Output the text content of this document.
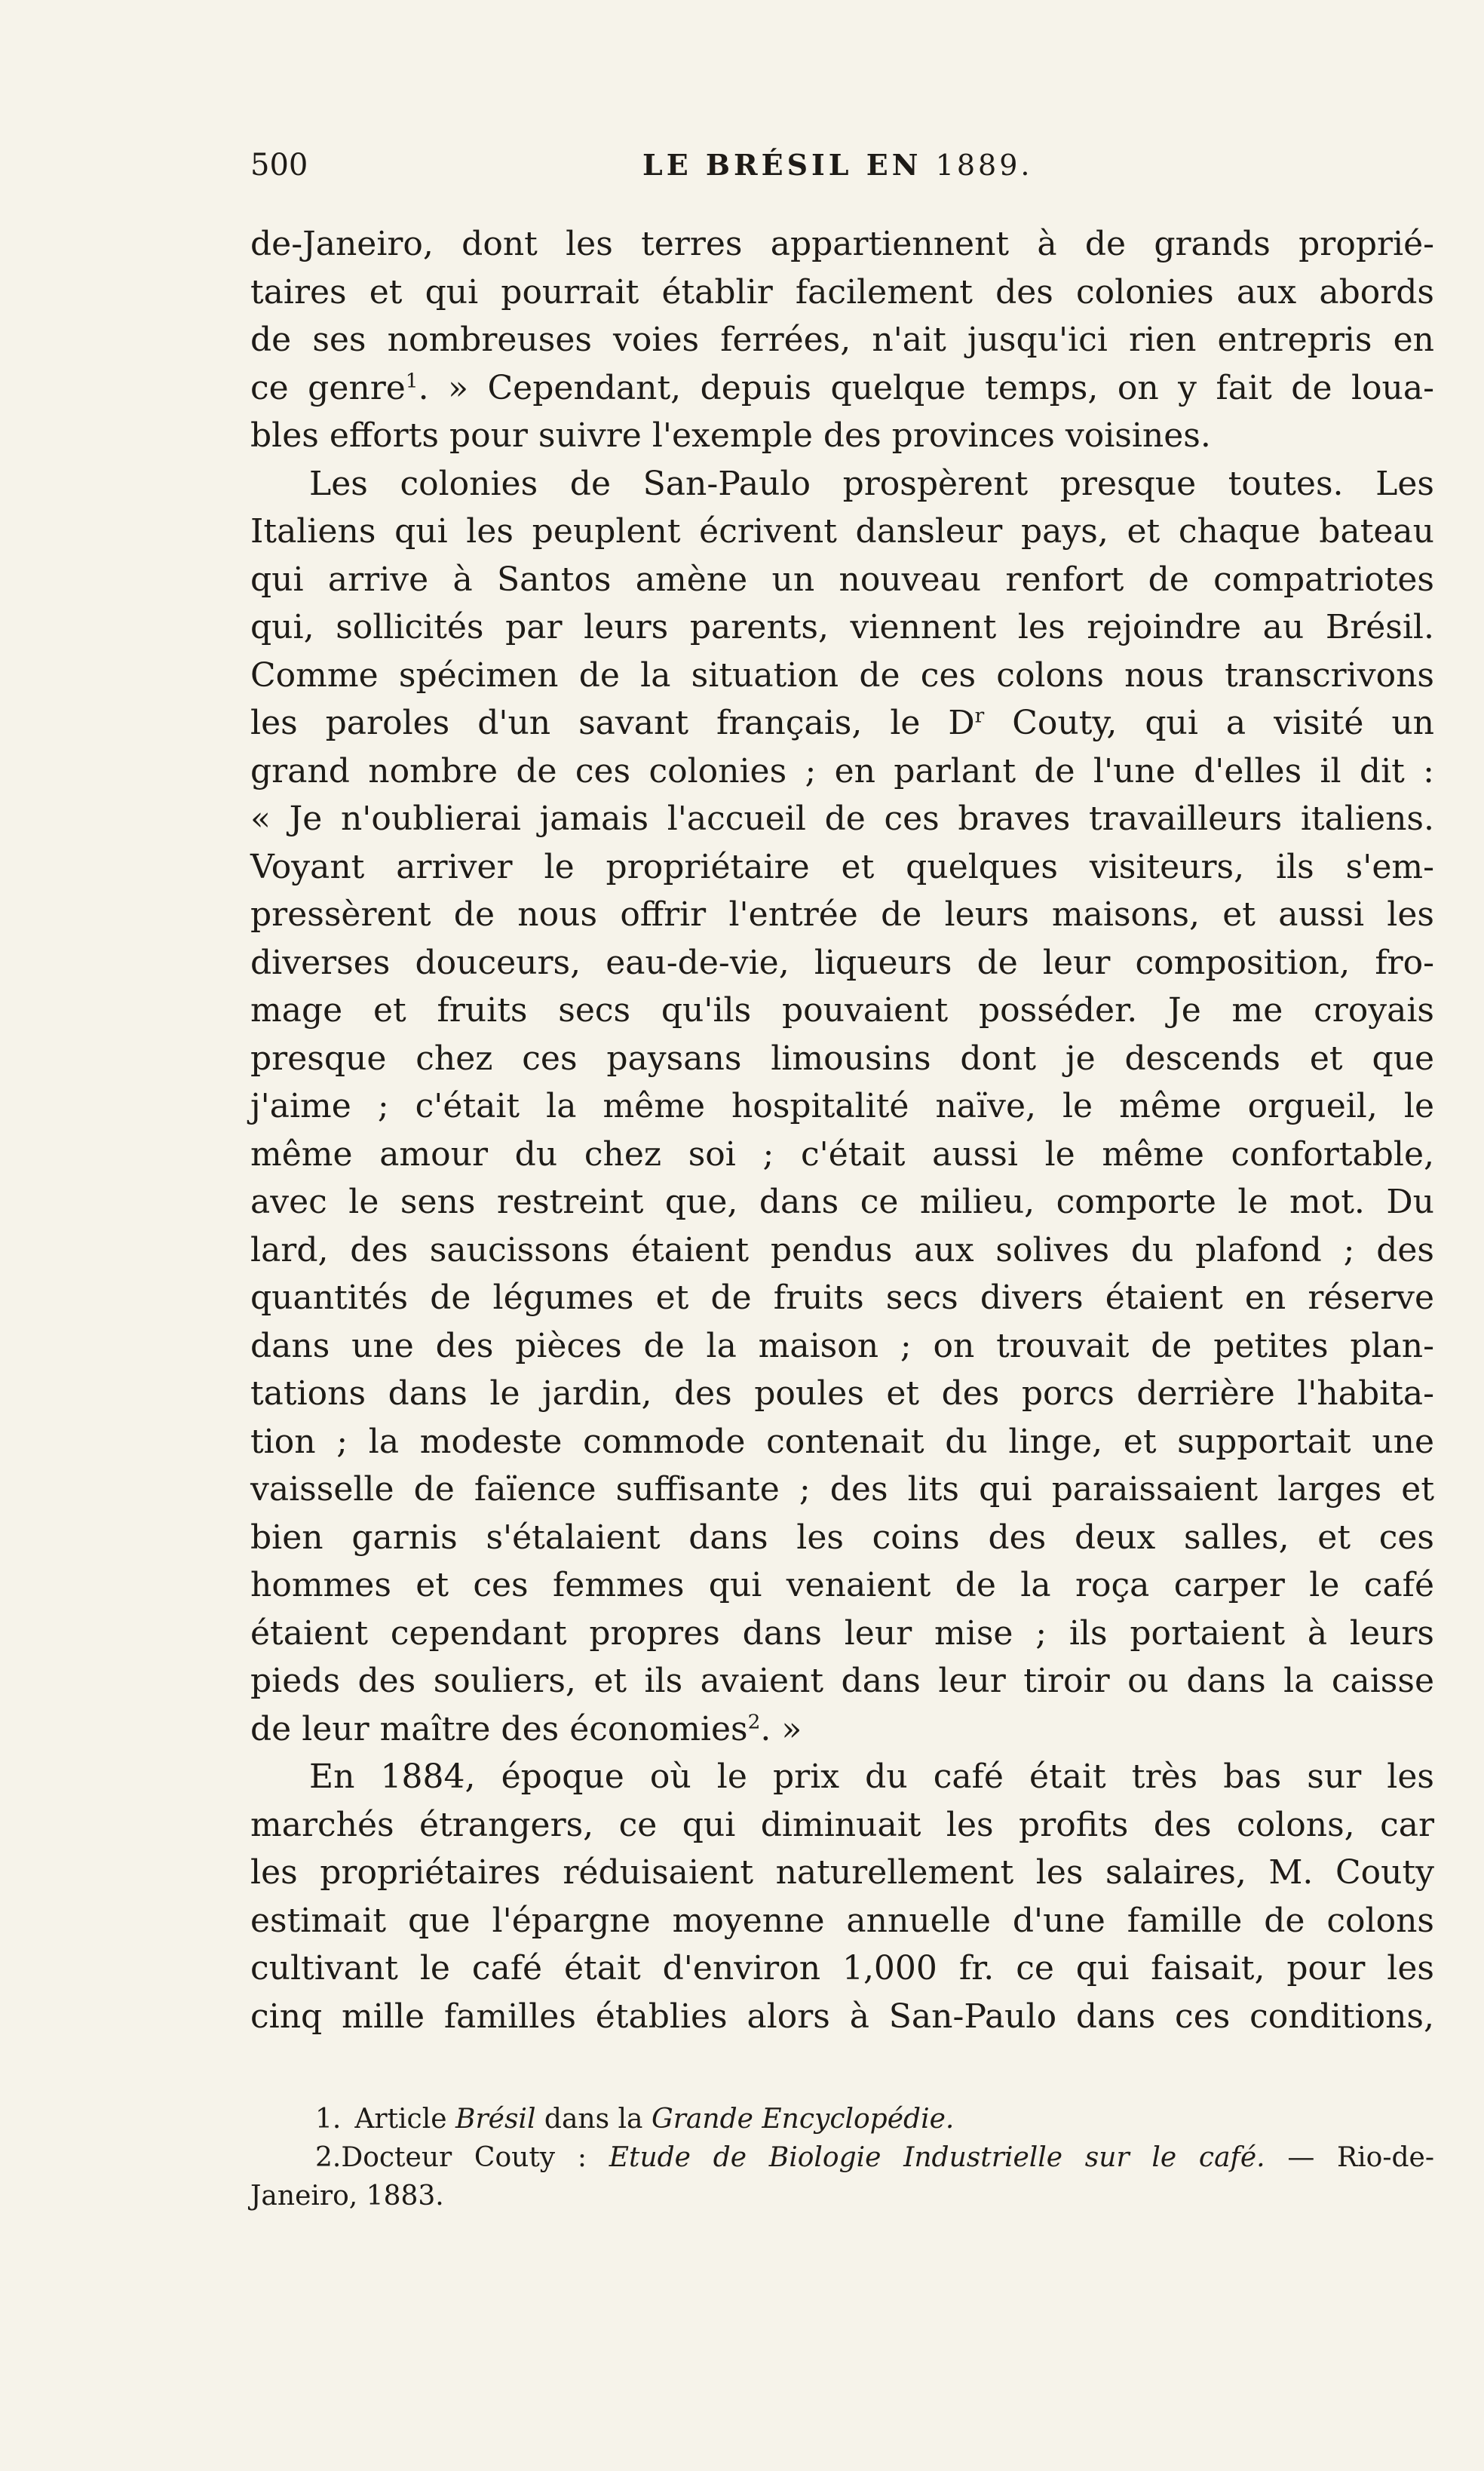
500	LE BRÉSIL EN 1889.
de-Janeiro, dont les terres appartiennent à de grands proprié-
taires et qui pourrait établir facilement des colonies aux abords
de ses nombreuses voies ferrées, n'ait jusqu'ici rien entrepris en
ce genre$^1$. » Cependant, depuis quelque temps, on y fait de loua-
bles efforts pour suivre l'exemple des provinces voisines.
Les colonies de San-Paulo prospèrent presque toutes. Les
Italiens qui les peuplent écrivent dansleur pays, et chaque bateau
qui arrive à Santos amène un nouveau renfort de compatriotes
qui, sollicités par leurs parents, viennent les rejoindre au Brésil.
Comme spécimen de la situation de ces colons nous transcrivons
les paroles d'un savant français, le $D^r$ Couty, qui a visité un
grand nombre de ces colonies ; en parlant de l'une d'elles il dit :
« Je n'oublierai jamais l'accueil de ces braves travailleurs italiens.
Voyant arriver le propriétaire et quelques visiteurs, ils s'em-
pressèrent de nous offrir l'entrée de leurs maisons, et aussi les
diverses douceurs, eau-de-vie, liqueurs de leur composition, fro-
mage et fruits secs qu'ils pouvaient posséder. Je me croyais
presque chez ces paysans limousins dont je descends et que
j'aime ; c'était la même hospitalité naïve, le même orgueil, le
même amour du chez soi ; c'était aussi le même confortable,
avec le sens restreint que, dans ce milieu, comporte le mot. Du
lard, des saucissons étaient pendus aux solives du plafond ; des
quantités de légumes et de fruits secs divers étaient en réserve
dans une des pièces de la maison ; on trouvait de petites plan-
tations dans le jardin, des poules et des porcs derrière l'habita-
tion ; la modeste commode contenait du linge, et supportait une
vaisselle de faïence suffisante ; des lits qui paraissaient larges et
bien garnis s'étalaient dans les coins des deux salles, et ces
hommes et ces femmes qui venaient de la roça carper le café
étaient cependant propres dans leur mise ; ils portaient à leurs
pieds des souliers, et ils avaient dans leur tiroir ou dans la caisse
de leur maître des économies$^2$. »
En 1884, époque où le prix du café était très bas sur les
marchés étrangers, ce qui diminuait les profits des colons, car
les propriétaires réduisaient naturellement les salaires, M. Couty
estimait que l'épargne moyenne annuelle d'une famille de colons
cultivant le café était d'environ 1,000 fr. ce qui faisait, pour les
cinq mille familles établies alors à San-Paulo dans ces conditions,
1. Article Brésil dans la Grande Encyclopédie.
2.Docteur Couty : Etude de Biologie Industrielle sur le café. — Rio-de-
Janeiro, 1883.
